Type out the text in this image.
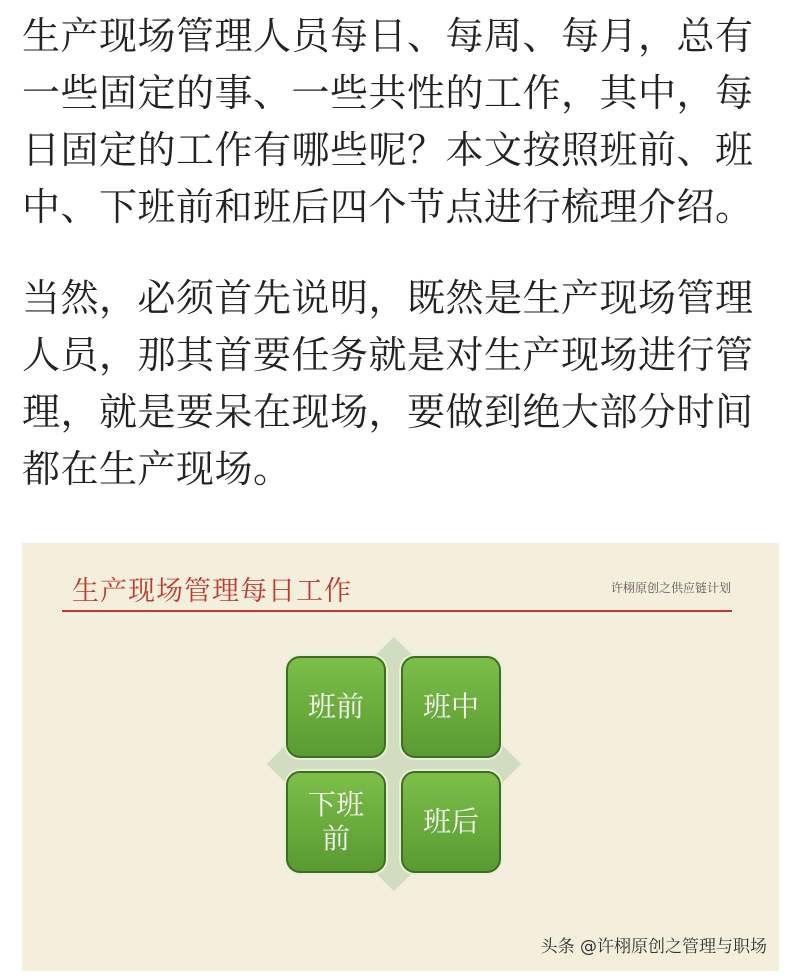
生产现场管理人员每日、每周、每月，总有
一些固定的事、一些共性的工作，其中，每
日固定的工作有哪些呢？本文按照班前、班
中、下班前和班后四个节点进行梳理介绍。

当然，必须首先说明，既然是生产现场管理
人员，那其首要任务就是对生产现场进行管
理，就是要呆在现场，要做到绝大部分时间
都在生产现场。

生产现场管理每日工作	许栩原创之供应链计划
班前	班中
下班前
班后
头条 @许栩原创之管理与职场
